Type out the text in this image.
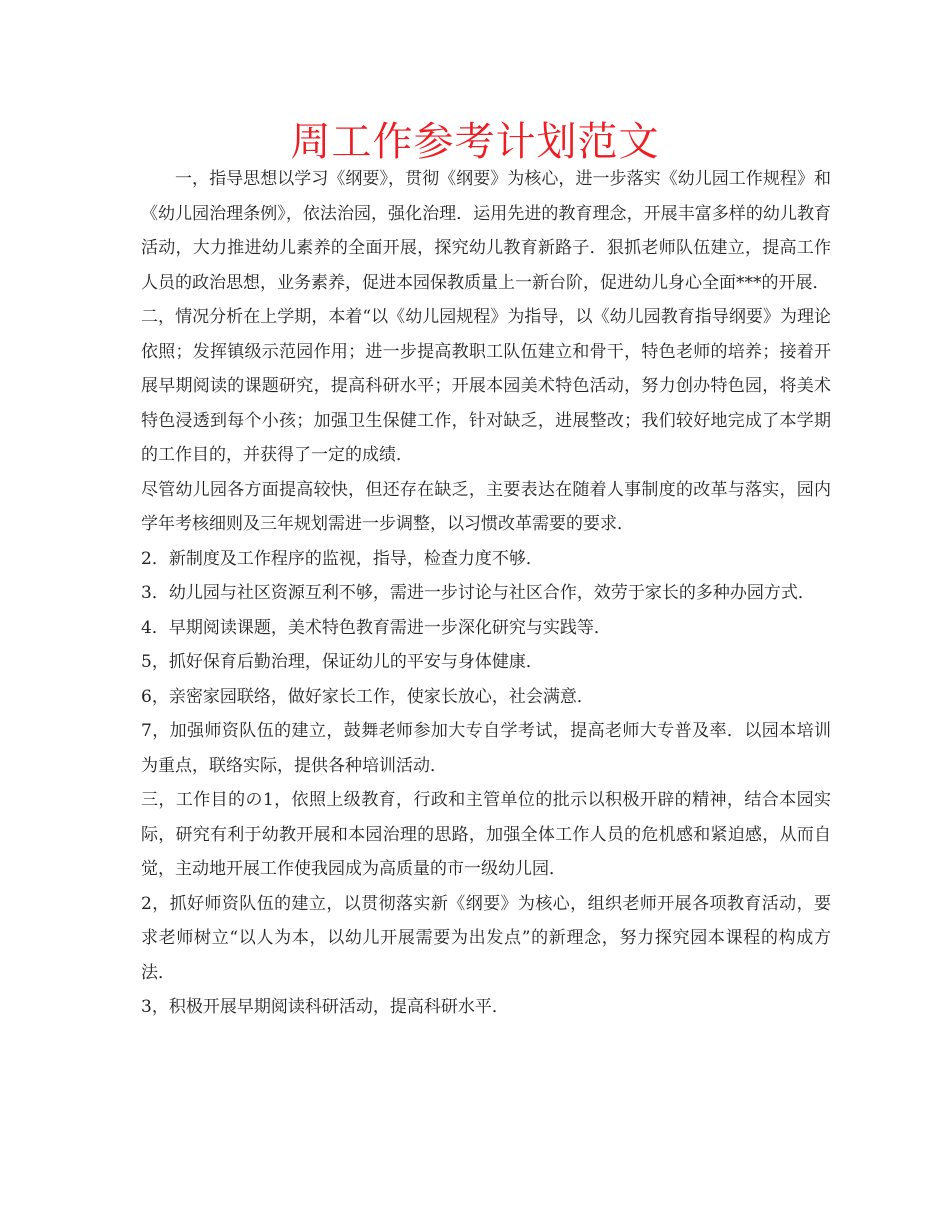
周工作参考计划范文

一，指导思想以学习《纲要》，贯彻《纲要》为核心，进一步落实《幼儿园工作规程》和《幼儿园治理条例》，依法治园，强化治理．运用先进的教育理念，开展丰富多样的幼儿教育活动，大力推进幼儿素养的全面开展，探究幼儿教育新路子．狠抓老师队伍建立，提高工作人员的政治思想，业务素养，促进本园保教质量上一新台阶，促进幼儿身心全面***的开展．

二，情况分析在上学期，本着“以《幼儿园规程》为指导，以《幼儿园教育指导纲要》为理论依照；发挥镇级示范园作用；进一步提高教职工队伍建立和骨干，特色老师的培养；接着开展早期阅读的课题研究，提高科研水平；开展本园美术特色活动，努力创办特色园，将美术特色浸透到每个小孩；加强卫生保健工作，针对缺乏，进展整改；我们较好地完成了本学期的工作目的，并获得了一定的成绩．

尽管幼儿园各方面提高较快，但还存在缺乏，主要表达在随着人事制度的改革与落实，园内学年考核细则及三年规划需进一步调整，以习惯改革需要的要求．

2．新制度及工作程序的监视，指导，检查力度不够．

3．幼儿园与社区资源互利不够，需进一步讨论与社区合作，效劳于家长的多种办园方式．

4．早期阅读课题，美术特色教育需进一步深化研究与实践等．

5，抓好保育后勤治理，保证幼儿的平安与身体健康．

6，亲密家园联络，做好家长工作，使家长放心，社会满意．

7，加强师资队伍的建立，鼓舞老师参加大专自学考试，提高老师大专普及率．以园本培训为重点，联络实际，提供各种培训活动．

三，工作目的の1，依照上级教育，行政和主管单位的批示以积极开辟的精神，结合本园实际，研究有利于幼教开展和本园治理的思路，加强全体工作人员的危机感和紧迫感，从而自觉，主动地开展工作使我园成为高质量的市一级幼儿园．

2，抓好师资队伍的建立，以贯彻落实新《纲要》为核心，组织老师开展各项教育活动，要求老师树立“以人为本，以幼儿开展需要为出发点”的新理念，努力探究园本课程的构成方法．

3，积极开展早期阅读科研活动，提高科研水平．
